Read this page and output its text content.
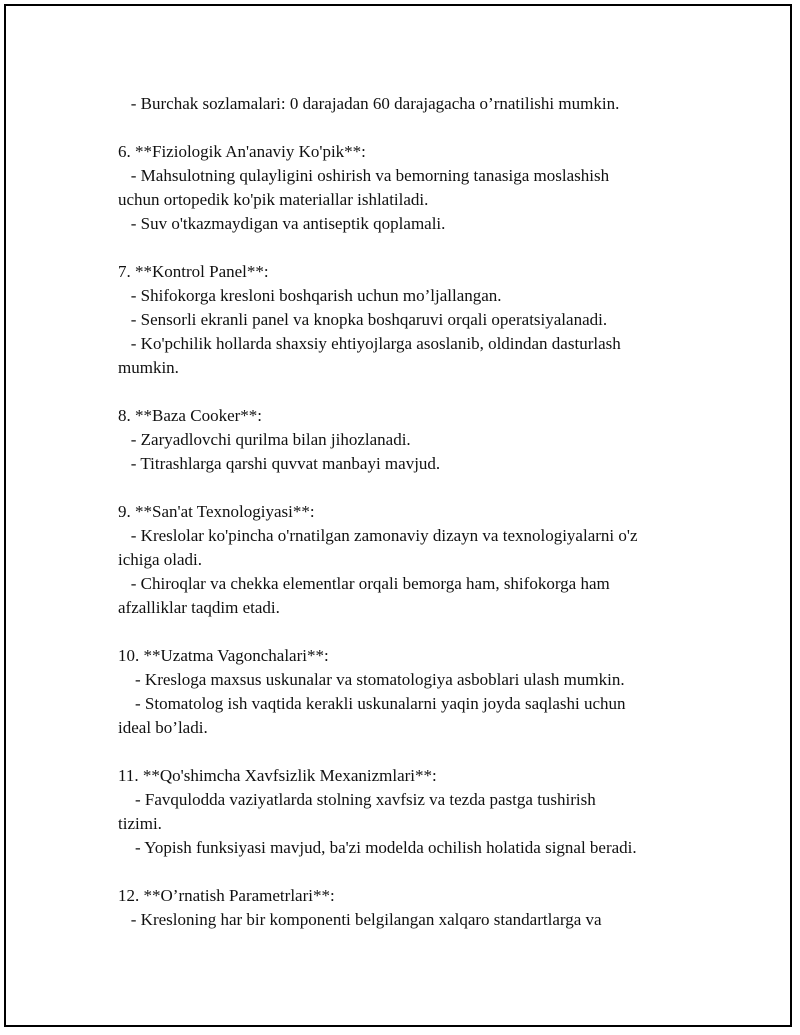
- Burchak sozlamalari: 0 darajadan 60 darajagacha o’rnatilishi mumkin.
6. **Fiziologik An'anaviy Ko'pik**:
- Mahsulotning qulayligini oshirish va bemorning tanasiga moslashish
uchun ortopedik ko'pik materiallar ishlatiladi.
- Suv o'tkazmaydigan va antiseptik qoplamali.
7. **Kontrol Panel**:
- Shifokorga kresloni boshqarish uchun mo’ljallangan.
- Sensorli ekranli panel va knopka boshqaruvi orqali operatsiyalanadi.
- Ko'pchilik hollarda shaxsiy ehtiyojlarga asoslanib, oldindan dasturlash
mumkin.
8. **Baza Cooker**:
- Zaryadlovchi qurilma bilan jihozlanadi.
- Titrashlarga qarshi quvvat manbayi mavjud.
9. **San'at Texnologiyasi**:
- Kreslolar ko'pincha o'rnatilgan zamonaviy dizayn va texnologiyalarni o'z
ichiga oladi.
- Chiroqlar va chekka elementlar orqali bemorga ham, shifokorga ham
afzalliklar taqdim etadi.
10. **Uzatma Vagonchalari**:
- Kresloga maxsus uskunalar va stomatologiya asboblari ulash mumkin.
- Stomatolog ish vaqtida kerakli uskunalarni yaqin joyda saqlashi uchun
ideal bo’ladi.
11. **Qo'shimcha Xavfsizlik Mexanizmlari**:
- Favqulodda vaziyatlarda stolning xavfsiz va tezda pastga tushirish
tizimi.
- Yopish funksiyasi mavjud, ba'zi modelda ochilish holatida signal beradi.
12. **O’rnatish Parametrlari**:
- Kresloning har bir komponenti belgilangan xalqaro standartlarga va
